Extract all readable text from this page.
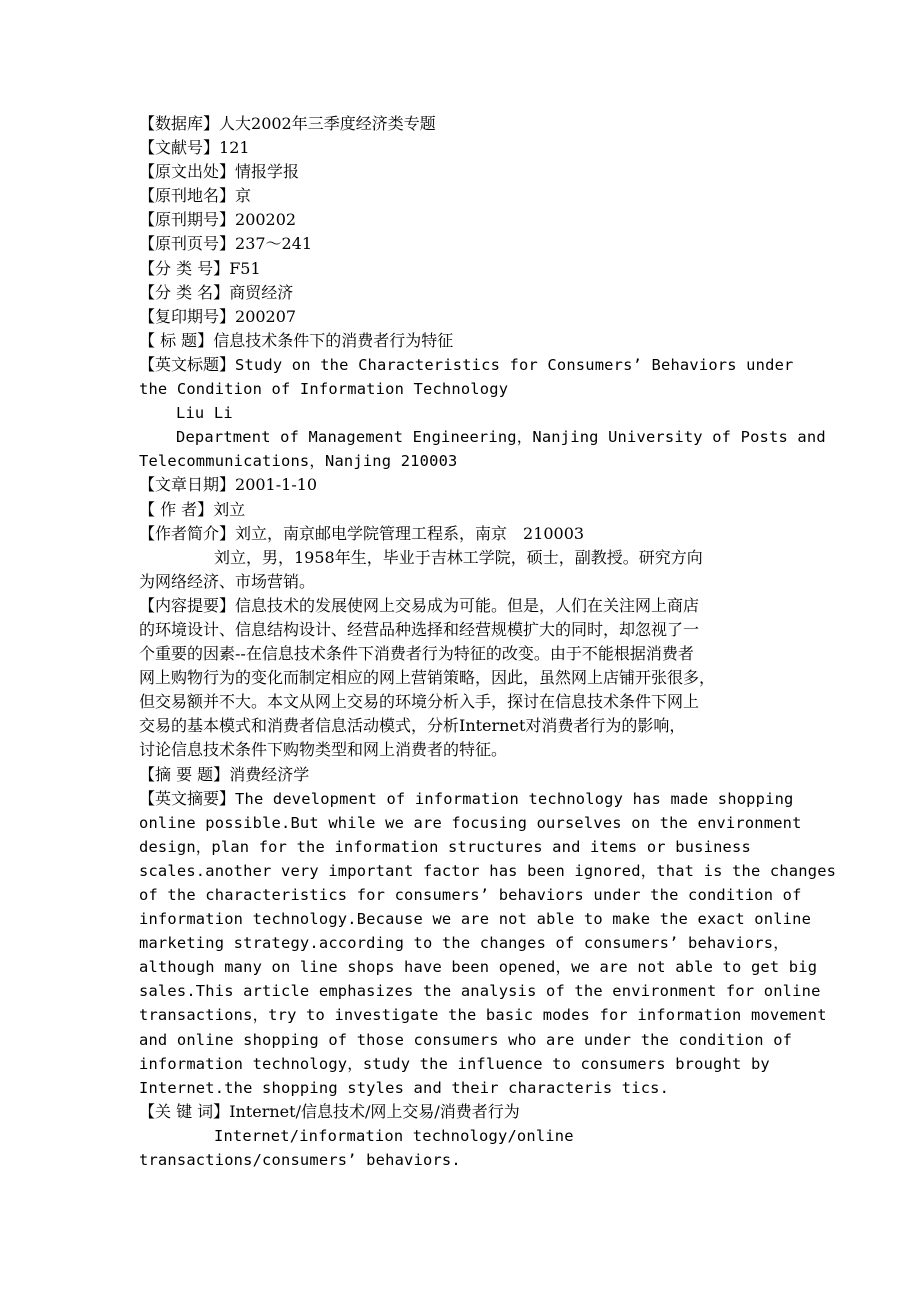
【数据库】人大2002年三季度经济类专题
【文献号】121
【原文出处】情报学报
【原刊地名】京
【原刊期号】200202
【原刊页号】237～241
【分 类 号】F51
【分 类 名】商贸经济
【复印期号】200207
【 标 题】信息技术条件下的消费者行为特征
【英文标题】Study on the Characteristics for Consumers’ Behaviors under
the Condition of Information Technology
Liu Li
Department of Management Engineering，Nanjing University of Posts and
Telecommunications，Nanjing 210003
【文章日期】2001-1-10
【 作 者】刘立
【作者简介】刘立，南京邮电学院管理工程系，南京　210003
刘立，男，1958年生，毕业于吉林工学院，硕士，副教授。研究方向
为网络经济、市场营销。
【内容提要】信息技术的发展使网上交易成为可能。但是，人们在关注网上商店
的环境设计、信息结构设计、经营品种选择和经营规模扩大的同时，却忽视了一
个重要的因素--在信息技术条件下消费者行为特征的改变。由于不能根据消费者
网上购物行为的变化而制定相应的网上营销策略，因此，虽然网上店铺开张很多，
但交易额并不大。本文从网上交易的环境分析入手，探讨在信息技术条件下网上
交易的基本模式和消费者信息活动模式，分析Internet对消费者行为的影响，
讨论信息技术条件下购物类型和网上消费者的特征。
【摘 要 题】消费经济学
【英文摘要】The development of information technology has made shopping
online possible.But while we are focusing ourselves on the environment
design，plan for the information structures and items or business
scales.another very important factor has been ignored，that is the changes
of the characteristics for consumers’ behaviors under the condition of
information technology.Because we are not able to make the exact online
marketing strategy.according to the changes of consumers’ behaviors，
although many on line shops have been opened，we are not able to get big
sales.This article emphasizes the analysis of the environment for online
transactions，try to investigate the basic modes for information movement
and online shopping of those consumers who are under the condition of
information technology，study the influence to consumers brought by
Internet.the shopping styles and their characteris tics.
【关 键 词】Internet/信息技术/网上交易/消费者行为
Internet/information technology/online
transactions/consumers’ behaviors.
